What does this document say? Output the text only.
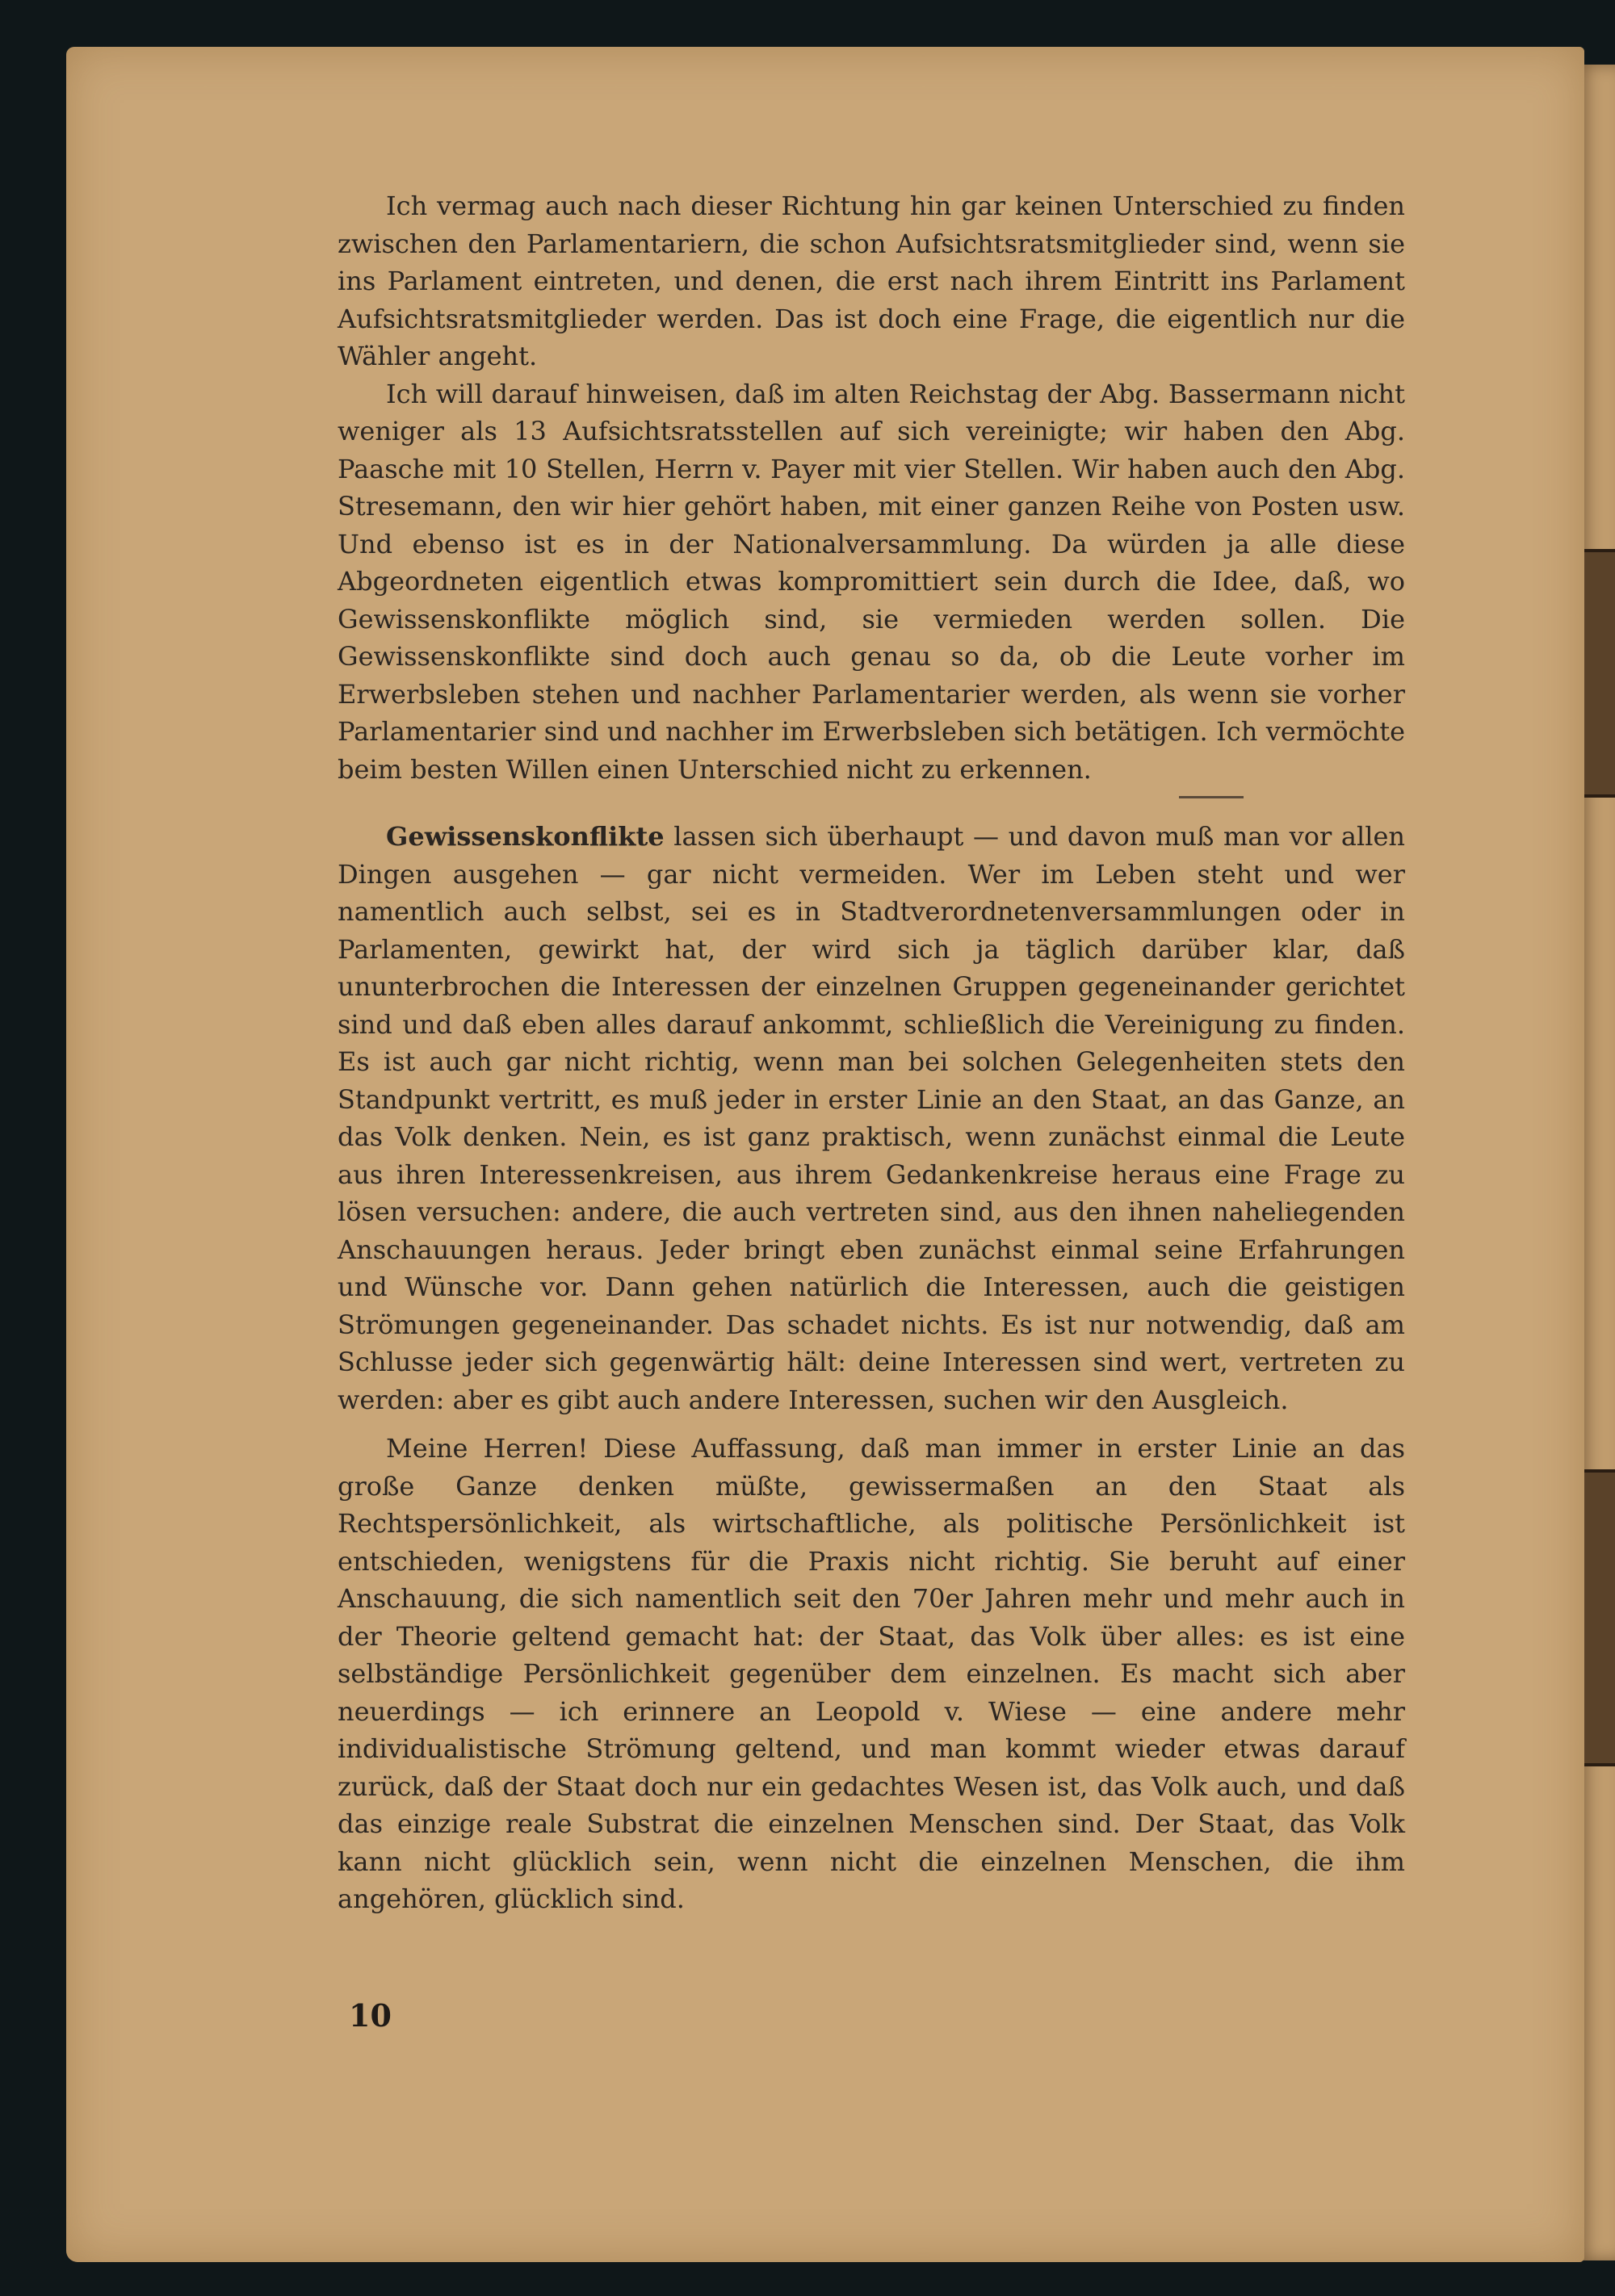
Ich vermag auch nach dieser Richtung hin gar keinen Unterschied zu finden zwischen den Parlamentariern, die schon Aufsichtsratsmitglieder sind, wenn sie ins Parlament eintreten, und denen, die erst nach ihrem Eintritt ins Parlament Aufsichtsratsmitglieder werden. Das ist doch eine Frage, die eigentlich nur die Wähler angeht.

Ich will darauf hinweisen, daß im alten Reichstag der Abg. Bassermann nicht weniger als 13 Aufsichtsratsstellen auf sich vereinigte; wir haben den Abg. Paasche mit 10 Stellen, Herrn v. Payer mit vier Stellen. Wir haben auch den Abg. Stresemann, den wir hier gehört haben, mit einer ganzen Reihe von Posten usw. Und ebenso ist es in der Nationalversammlung. Da würden ja alle diese Abgeordneten eigentlich etwas kompromittiert sein durch die Idee, daß, wo Gewissenskonflikte möglich sind, sie vermieden werden sollen. Die Gewissenskonflikte sind doch auch genau so da, ob die Leute vorher im Erwerbsleben stehen und nachher Parlamentarier werden, als wenn sie vorher Parlamentarier sind und nachher im Erwerbsleben sich betätigen. Ich vermöchte beim besten Willen einen Unterschied nicht zu erkennen.

Gewissenskonflikte lassen sich überhaupt — und davon muß man vor allen Dingen ausgehen — gar nicht vermeiden. Wer im Leben steht und wer namentlich auch selbst, sei es in Stadtverordnetenversammlungen oder in Parlamenten, gewirkt hat, der wird sich ja täglich darüber klar, daß ununterbrochen die Interessen der einzelnen Gruppen gegeneinander gerichtet sind und daß eben alles darauf ankommt, schließlich die Vereinigung zu finden. Es ist auch gar nicht richtig, wenn man bei solchen Gelegenheiten stets den Standpunkt vertritt, es muß jeder in erster Linie an den Staat, an das Ganze, an das Volk denken. Nein, es ist ganz praktisch, wenn zunächst einmal die Leute aus ihren Interessenkreisen, aus ihrem Gedankenkreise heraus eine Frage zu lösen versuchen: andere, die auch vertreten sind, aus den ihnen naheliegenden Anschauungen heraus. Jeder bringt eben zunächst einmal seine Erfahrungen und Wünsche vor. Dann gehen natürlich die Interessen, auch die geistigen Strömungen gegeneinander. Das schadet nichts. Es ist nur notwendig, daß am Schlusse jeder sich gegenwärtig hält: deine Interessen sind wert, vertreten zu werden: aber es gibt auch andere Interessen, suchen wir den Ausgleich.

Meine Herren! Diese Auffassung, daß man immer in erster Linie an das große Ganze denken müßte, gewissermaßen an den Staat als Rechtspersönlichkeit, als wirtschaftliche, als politische Persönlichkeit ist entschieden, wenigstens für die Praxis nicht richtig. Sie beruht auf einer Anschauung, die sich namentlich seit den 70er Jahren mehr und mehr auch in der Theorie geltend gemacht hat: der Staat, das Volk über alles: es ist eine selbständige Persönlichkeit gegenüber dem einzelnen. Es macht sich aber neuerdings — ich erinnere an Leopold v. Wiese — eine andere mehr individualistische Strömung geltend, und man kommt wieder etwas darauf zurück, daß der Staat doch nur ein gedachtes Wesen ist, das Volk auch, und daß das einzige reale Substrat die einzelnen Menschen sind. Der Staat, das Volk kann nicht glücklich sein, wenn nicht die einzelnen Menschen, die ihm angehören, glücklich sind.

10
